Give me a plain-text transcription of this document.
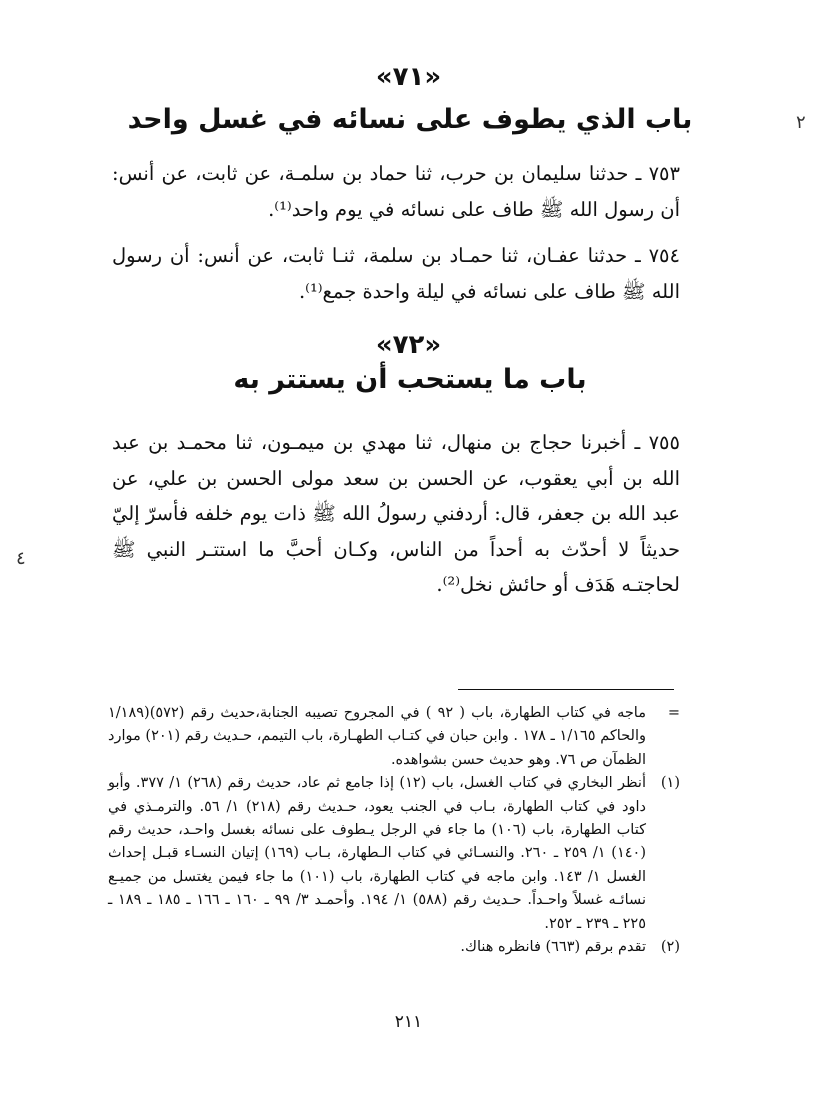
«٧١»
باب الذي يطوف على نسائه في غسل واحد
٧٥٣ ـ حدثنا سليمان بن حرب، ثنا حماد بن سلمـة، عن ثابت، عن أنس: أن رسول الله ﷺ طاف على نسائه في يوم واحد⁽¹⁾.
٧٥٤ ـ حدثنا عفـان، ثنا حمـاد بن سلمة، ثنـا ثابت، عن أنس: أن رسول الله ﷺ طاف على نسائه في ليلة واحدة جمع⁽¹⁾.
«٧٢»
باب ما يستحب أن يستتر به
٧٥٥ ـ أخبرنا حجاج بن منهال، ثنا مهدي بن ميمـون، ثنا محمـد بن عبد الله بن أبي يعقوب، عن الحسن بن سعد مولى الحسن بن علي، عن عبد الله بن جعفر، قال: أردفني رسولُ الله ﷺ ذات يوم خلفه فأسرّ إليّ حديثاً لا أحدّث به أحداً من الناس، وكـان أحبَّ ما استتـر النبي ﷺ لحاجتـه هَدَف أو حائش نخل⁽²⁾.
=
ماجه في كتاب الطهارة، باب ( ٩٢ ) في المجروح تصيبه الجنابة،حديث رقم (٥٧٢)(١/١٨٩ والحاكم ١/١٦٥ ـ ١٧٨ . وابن حبان في كتـاب الطهـارة، باب التيمم، حـديث رقم (٢٠١) موارد الظمآن ص ٧٦. وهو حديث حسن بشواهده.
(١)
أنظر البخاري في كتاب الغسل، باب (١٢) إذا جامع ثم عاد، حديث رقم (٢٦٨) ١/ ٣٧٧. وأبو داود في كتاب الطهارة، بـاب في الجنب يعود، حـديث رقم (٢١٨) ١/ ٥٦. والترمـذي في كتاب الطهارة، باب (١٠٦) ما جاء في الرجل يـطوف على نسائه بغسل واحـد، حديث رقم (١٤٠) ١/ ٢٥٩ ـ ٢٦٠. والنسـائي في كتاب الـطهارة، بـاب (١٦٩) إتيان النسـاء قبـل إحداث الغسل ١/ ١٤٣. وابن ماجه في كتاب الطهارة، باب (١٠١) ما جاء فيمن يغتسل من جميـع نسائـه غسلاً واحـداً. حـديث رقم (٥٨٨) ١/ ١٩٤. وأحمـد ٣/ ٩٩ ـ ١٦٠ ـ ١٦٦ ـ ١٨٥ ـ ١٨٩ ـ ٢٢٥ ـ ٢٣٩ ـ ٢٥٢.
(٢)
تقدم برقم (٦٦٣) فانظره هناك.
٢١١
٢
٤
